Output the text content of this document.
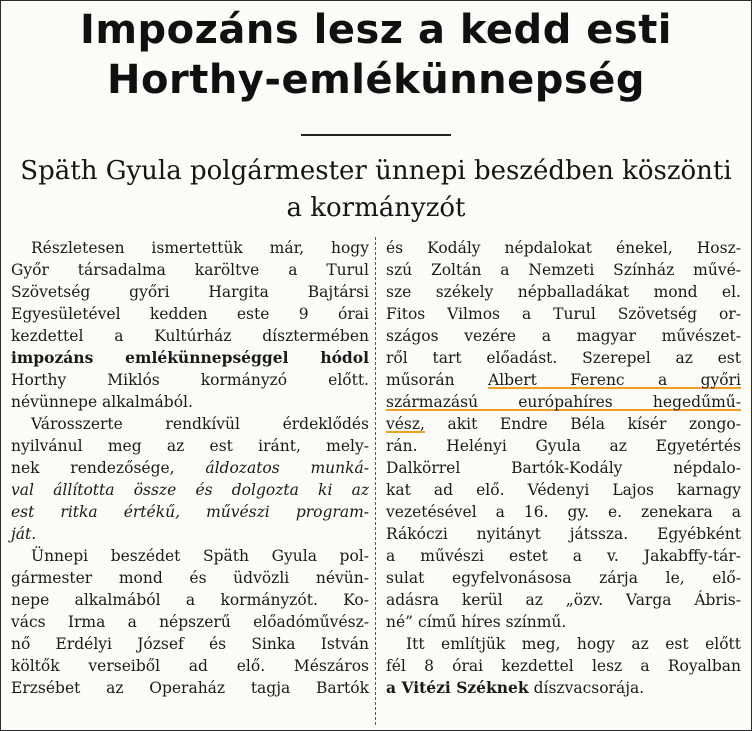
Impozáns lesz a kedd esti
Horthy-emlékünnepség
Späth Gyula polgármester ünnepi beszédben köszönti
a kormányzót
Részletesen ismertettük már, hogy
Győr társadalma karöltve a Turul
Szövetség győri Hargita Bajtársi
Egyesületével kedden este 9 órai
kezdettel a Kultúrház dísztermében
impozáns emlékünnepséggel hódol
Horthy Miklós kormányzó előtt.
névünnepe alkalmából.
Városszerte rendkívül érdeklődés
nyilvánul meg az est iránt, mely-
nek rendezősége, áldozatos munká-
val állította össze és dolgozta ki az
est ritka értékű, művészi program-
ját.
Ünnepi beszédet Späth Gyula pol-
gármester mond és üdvözli névün-
nepe alkalmából a kormányzót. Ko-
vács Irma a népszerű előadóművész-
nő Erdélyi József és Sinka István
költők verseiből ad elő. Mészáros
Erzsébet az Operaház tagja Bartók
és Kodály népdalokat énekel, Hosz-
szú Zoltán a Nemzeti Színház művé-
sze székely népballadákat mond el.
Fitos Vilmos a Turul Szövetség or-
szágos vezére a magyar művészet-
ről tart előadást. Szerepel az est
műsorán Albert Ferenc a győri
származású európahíres hegedűmű-
vész, akit Endre Béla kísér zongo-
rán. Helényi Gyula az Egyetértés
Dalkörrel Bartók-Kodály népdalo-
kat ad elő. Védenyi Lajos karnagy
vezetésével a 16. gy. e. zenekara a
Rákóczi nyitányt játssza. Egyébként
a művészi estet a v. Jakabffy-tár-
sulat egyfelvonásosa zárja le, elő-
adásra kerül az „özv. Varga Ábris-
né” című híres színmű.
Itt említjük meg, hogy az est előtt
fél 8 órai kezdettel lesz a Royalban
a Vitézi Széknek díszvacsorája.
